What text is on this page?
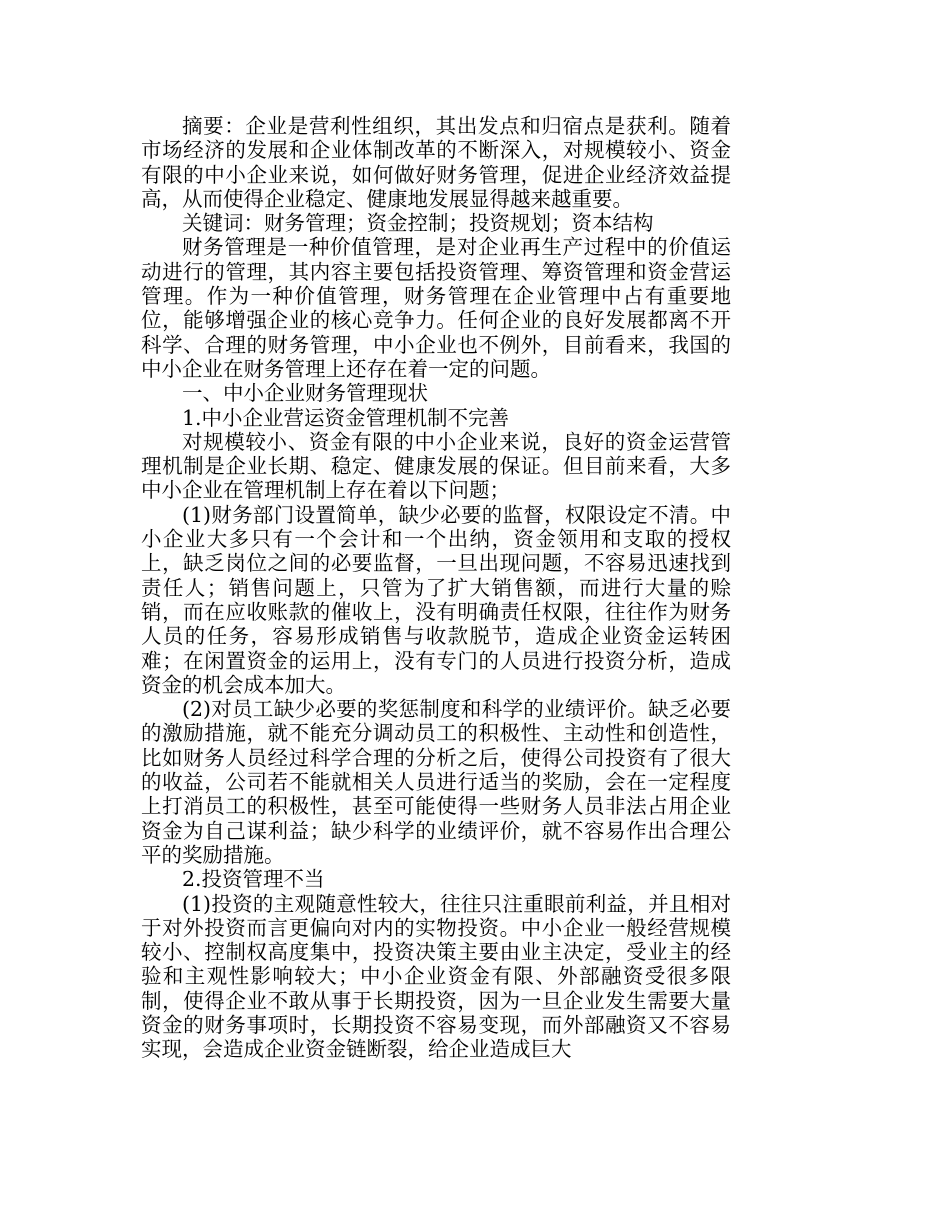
摘要：企业是营利性组织，其出发点和归宿点是获利。随着市场经济的发展和企业体制改革的不断深入，对规模较小、资金有限的中小企业来说，如何做好财务管理，促进企业经济效益提高，从而使得企业稳定、健康地发展显得越来越重要。

关键词：财务管理；资金控制；投资规划；资本结构

财务管理是一种价值管理，是对企业再生产过程中的价值运动进行的管理，其内容主要包括投资管理、筹资管理和资金营运管理。作为一种价值管理，财务管理在企业管理中占有重要地位，能够增强企业的核心竞争力。任何企业的良好发展都离不开科学、合理的财务管理，中小企业也不例外，目前看来，我国的中小企业在财务管理上还存在着一定的问题。

一、中小企业财务管理现状

1.中小企业营运资金管理机制不完善

对规模较小、资金有限的中小企业来说，良好的资金运营管理机制是企业长期、稳定、健康发展的保证。但目前来看，大多中小企业在管理机制上存在着以下问题；

(1)财务部门设置简单，缺少必要的监督，权限设定不清。中小企业大多只有一个会计和一个出纳，资金领用和支取的授权上，缺乏岗位之间的必要监督，一旦出现问题，不容易迅速找到责任人；销售问题上，只管为了扩大销售额，而进行大量的赊销，而在应收账款的催收上，没有明确责任权限，往往作为财务人员的任务，容易形成销售与收款脱节，造成企业资金运转困难；在闲置资金的运用上，没有专门的人员进行投资分析，造成资金的机会成本加大。

(2)对员工缺少必要的奖惩制度和科学的业绩评价。缺乏必要的激励措施，就不能充分调动员工的积极性、主动性和创造性，比如财务人员经过科学合理的分析之后，使得公司投资有了很大的收益，公司若不能就相关人员进行适当的奖励，会在一定程度上打消员工的积极性，甚至可能使得一些财务人员非法占用企业资金为自己谋利益；缺少科学的业绩评价，就不容易作出合理公平的奖励措施。

2.投资管理不当

(1)投资的主观随意性较大，往往只注重眼前利益，并且相对于对外投资而言更偏向对内的实物投资。中小企业一般经营规模较小、控制权高度集中，投资决策主要由业主决定，受业主的经验和主观性影响较大；中小企业资金有限、外部融资受很多限制，使得企业不敢从事于长期投资，因为一旦企业发生需要大量资金的财务事项时，长期投资不容易变现，而外部融资又不容易实现，会造成企业资金链断裂，给企业造成巨大
